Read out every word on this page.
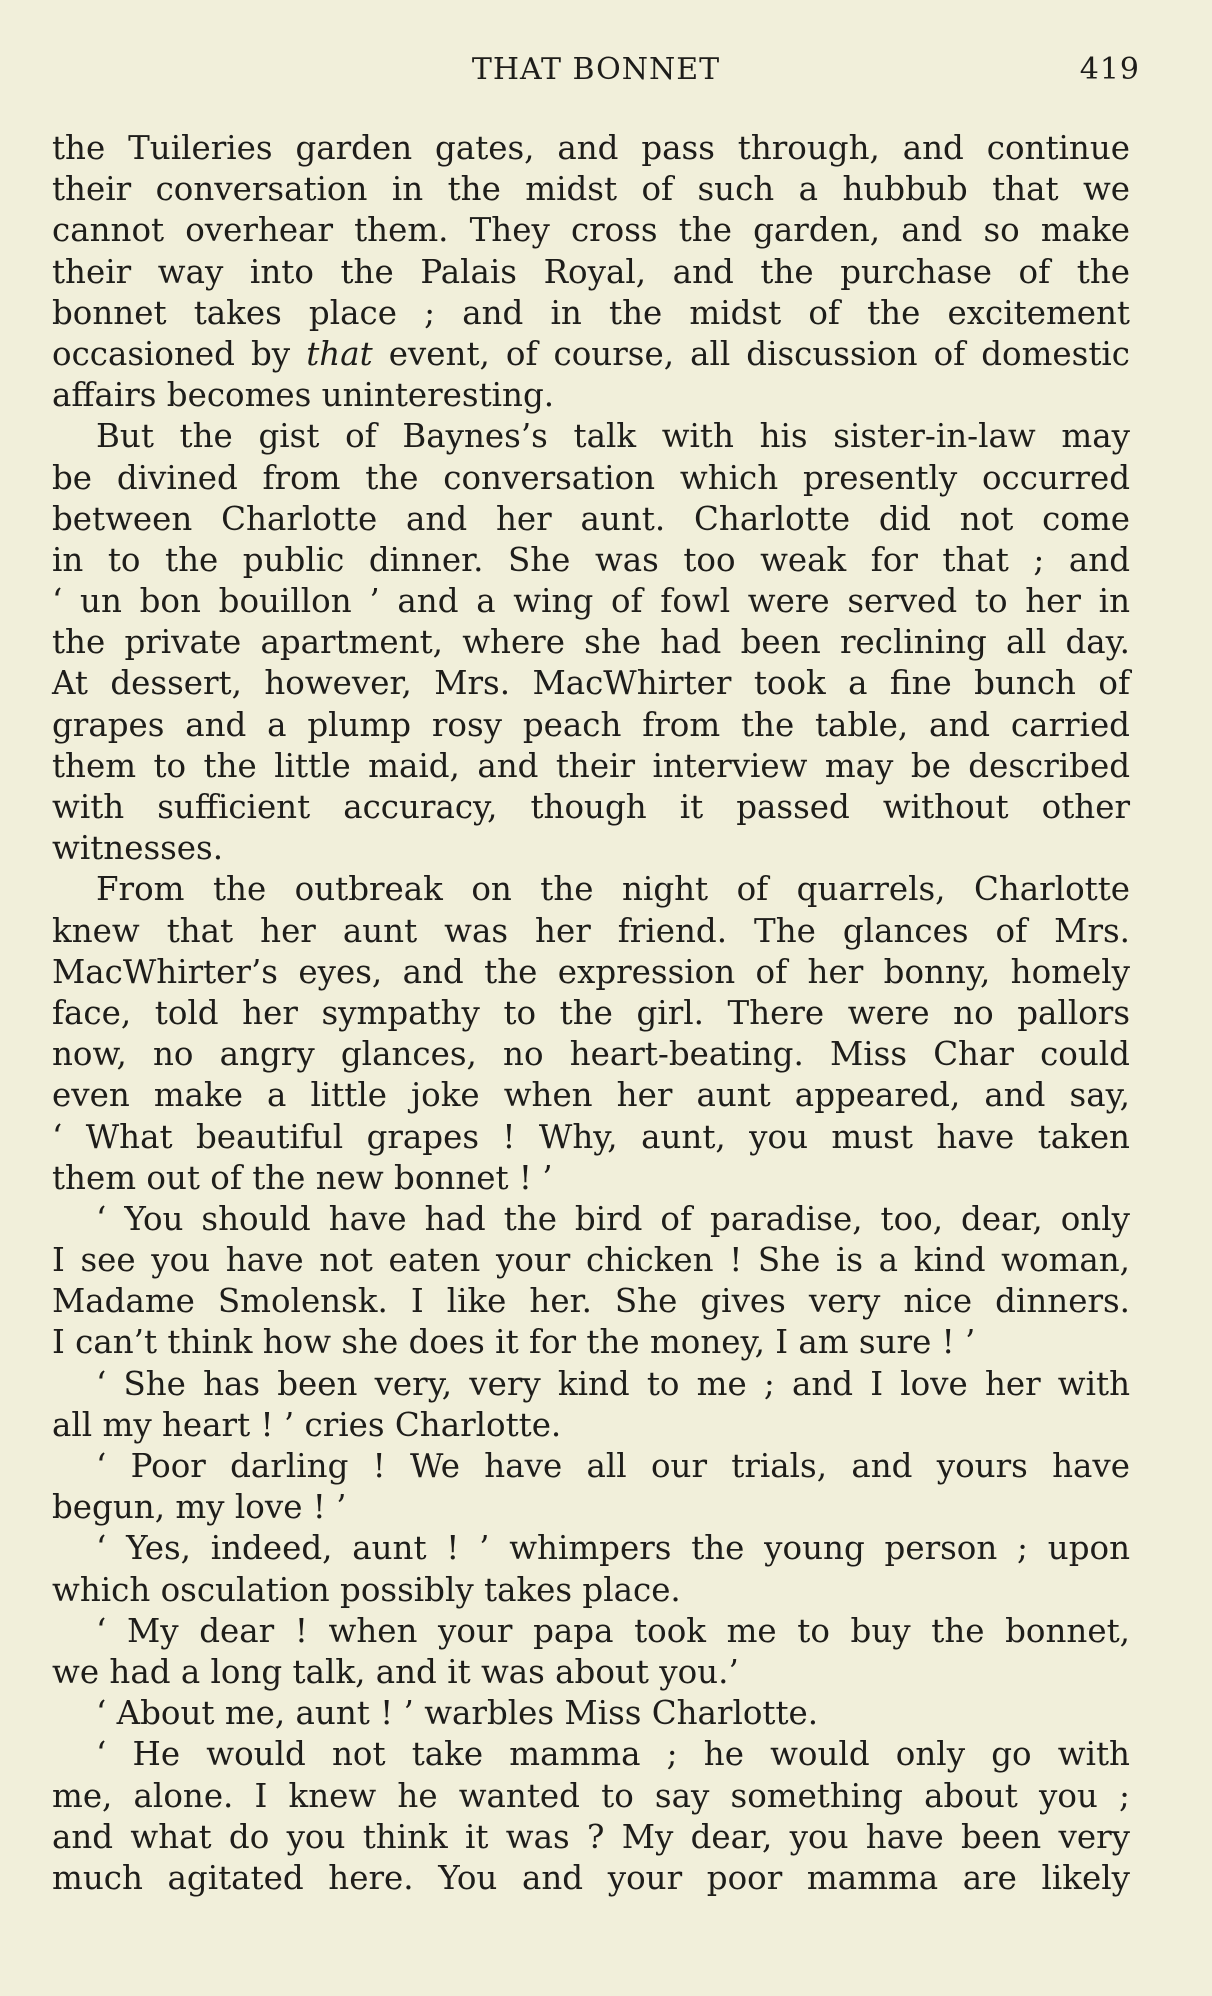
THAT BONNET	419
the Tuileries garden gates, and pass through, and continue
their conversation in the midst of such a hubbub that we
cannot overhear them. They cross the garden, and so make
their way into the Palais Royal, and the purchase of the
bonnet takes place ; and in the midst of the excitement
occasioned by that event, of course, all discussion of domestic
affairs becomes uninteresting.
But the gist of Baynes’s talk with his sister-in-law may
be divined from the conversation which presently occurred
between Charlotte and her aunt. Charlotte did not come
in to the public dinner. She was too weak for that ; and
‘ un bon bouillon ’ and a wing of fowl were served to her in
the private apartment, where she had been reclining all day.
At dessert, however, Mrs. MacWhirter took a fine bunch of
grapes and a plump rosy peach from the table, and carried
them to the little maid, and their interview may be described
with sufficient accuracy, though it passed without other
witnesses.
From the outbreak on the night of quarrels, Charlotte
knew that her aunt was her friend. The glances of Mrs.
MacWhirter’s eyes, and the expression of her bonny, homely
face, told her sympathy to the girl. There were no pallors
now, no angry glances, no heart-beating. Miss Char could
even make a little joke when her aunt appeared, and say,
‘ What beautiful grapes ! Why, aunt, you must have taken
them out of the new bonnet ! ’
‘ You should have had the bird of paradise, too, dear, only
I see you have not eaten your chicken ! She is a kind woman,
Madame Smolensk. I like her. She gives very nice dinners.
I can’t think how she does it for the money, I am sure ! ’
‘ She has been very, very kind to me ; and I love her with
all my heart ! ’ cries Charlotte.
‘ Poor darling ! We have all our trials, and yours have
begun, my love ! ’
‘ Yes, indeed, aunt ! ’ whimpers the young person ; upon
which osculation possibly takes place.
‘ My dear ! when your papa took me to buy the bonnet,
we had a long talk, and it was about you.’
‘ About me, aunt ! ’ warbles Miss Charlotte.
‘ He would not take mamma ; he would only go with
me, alone. I knew he wanted to say something about you ;
and what do you think it was ? My dear, you have been very
much agitated here. You and your poor mamma are likely
